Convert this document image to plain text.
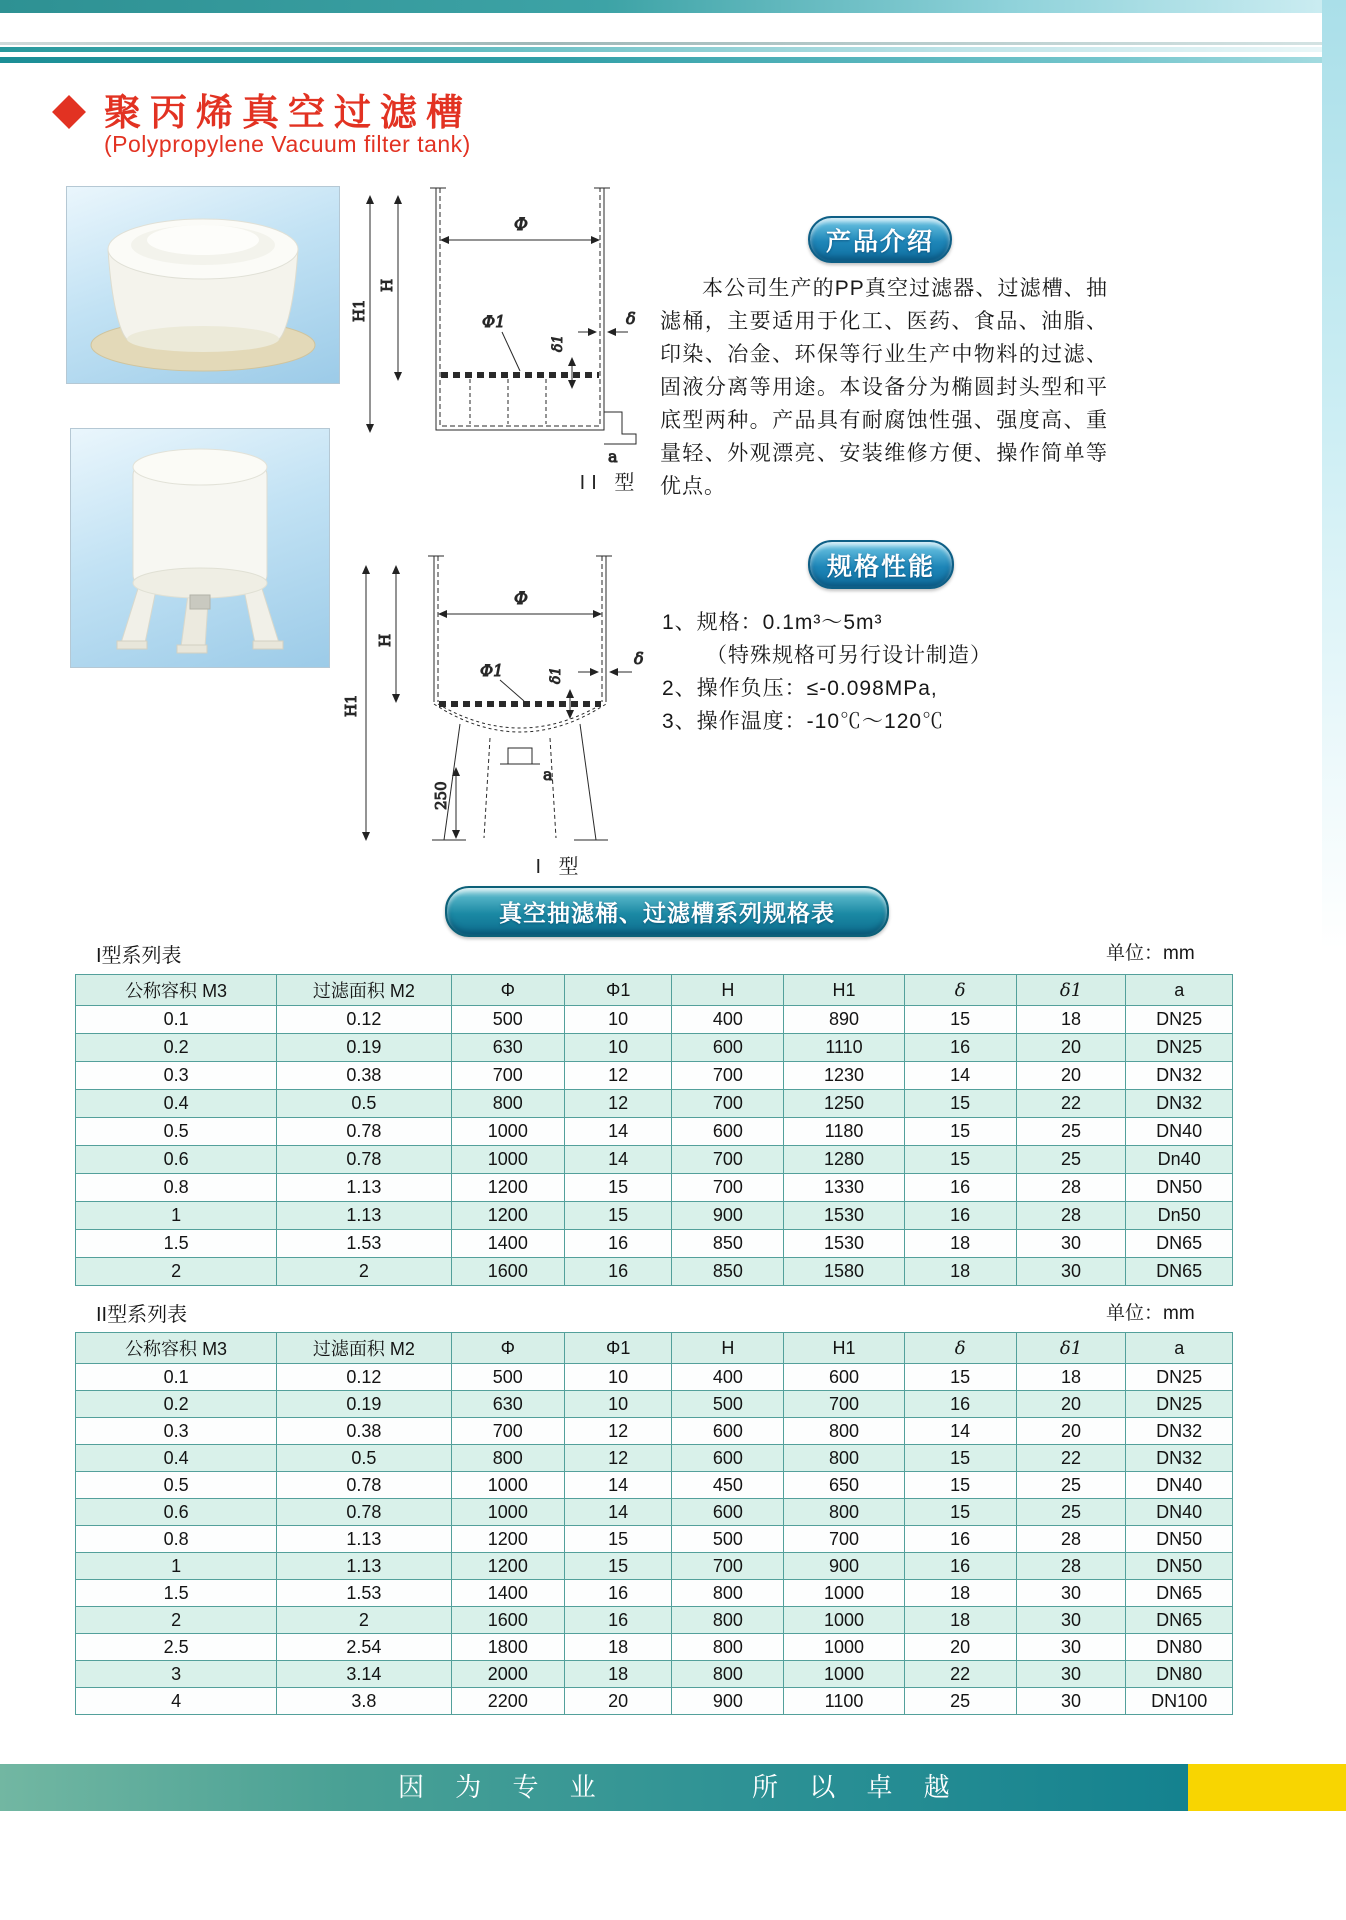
聚丙烯真空过滤槽
(Polypropylene Vacuum filter tank)
H1
H
Φ
Φ1
δ1
δ
a
II 型
H1
H
Φ
Φ1	δ1
δ
250
a
I 型
产品介绍
本公司生产的PP真空过滤器、过滤槽、抽滤桶，主要适用于化工、医药、食品、油脂、印染、冶金、环保等行业生产中物料的过滤、固液分离等用途。本设备分为椭圆封头型和平底型两种。产品具有耐腐蚀性强、强度高、重量轻、外观漂亮、安装维修方便、操作简单等优点。
规格性能
1、规格：0.1m³～5m³
（特殊规格可另行设计制造）
2、操作负压：≤-0.098MPa,
3、操作温度：-10℃～120℃
真空抽滤桶、过滤槽系列规格表
I型系列表	单位：mm
公称容积 M3	过滤面积 M2	Φ	Φ1	H	H1	δ	δ1	a
0.1	0.12	500	10	400	890	15	18	DN25
0.2	0.19	630	10	600	1110	16	20	DN25
0.3	0.38	700	12	700	1230	14	20	DN32
0.4	0.5	800	12	700	1250	15	22	DN32
0.5	0.78	1000	14	600	1180	15	25	DN40
0.6	0.78	1000	14	700	1280	15	25	Dn40
0.8	1.13	1200	15	700	1330	16	28	DN50
1	1.13	1200	15	900	1530	16	28	Dn50
1.5	1.53	1400	16	850	1530	18	30	DN65
2	2	1600	16	850	1580	18	30	DN65
II型系列表	单位：mm
公称容积 M3	过滤面积 M2	Φ	Φ1	H	H1	δ	δ1	a
0.1	0.12	500	10	400	600	15	18	DN25
0.2	0.19	630	10	500	700	16	20	DN25
0.3	0.38	700	12	600	800	14	20	DN32
0.4	0.5	800	12	600	800	15	22	DN32
0.5	0.78	1000	14	450	650	15	25	DN40
0.6	0.78	1000	14	600	800	15	25	DN40
0.8	1.13	1200	15	500	700	16	28	DN50
1	1.13	1200	15	700	900	16	28	DN50
1.5	1.53	1400	16	800	1000	18	30	DN65
2	2	1600	16	800	1000	18	30	DN65
2.5	2.54	1800	18	800	1000	20	30	DN80
3	3.14	2000	18	800	1000	22	30	DN80
4	3.8	2200	20	900	1100	25	30	DN100
因 为 专 业	所 以 卓 越
